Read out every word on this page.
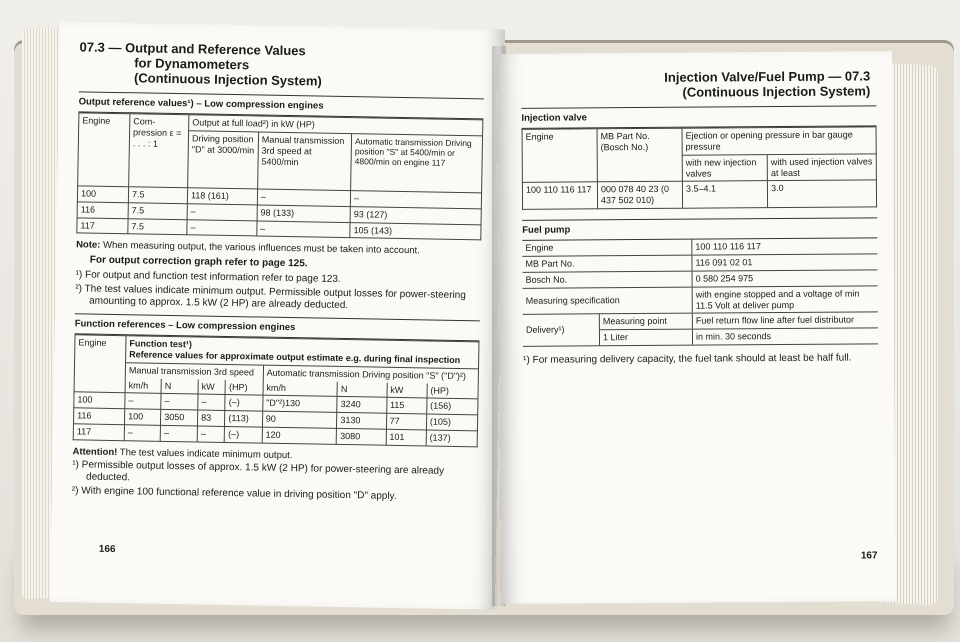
07.3 — Output and Reference Values
for Dynamometers
(Continuous Injection System)
Output reference values¹) – Low compression engines
Engine	Com-pression ε = . . . : 1	Output at full load²) in kW (HP)		
		Driving position "D" at 3000/min	Manual transmission 3rd speed at 5400/min	Automatic transmission Driving position "S" at 5400/min or 4800/min on engine 117
100	7.5	118 (161)	–	–
116	7.5	–	98 (133)	93 (127)
117	7.5	–	–	105 (143)
Note: When measuring output, the various influences must be taken into account.
For output correction graph refer to page 125.
¹) For output and function test information refer to page 123.
²) The test values indicate minimum output. Permissible output losses for power-steering amounting to approx. 1.5 kW (2 HP) are already deducted.
Function references – Low compression engines
Engine	Function test¹)
Reference values for approximate output estimate e.g. during final inspection							
	Manual transmission 3rd speed				Automatic transmission Driving position "S" ("D")²)			
	km/h	N	kW	(HP)	km/h	N	kW	(HP)
100	–	–	–	(–)	"D"²)130	3240	115	(156)
116	100	3050	83	(113)	90	3130	77	(105)
117	–	–	–	(–)	120	3080	101	(137)
Attention! The test values indicate minimum output.
¹) Permissible output losses of approx. 1.5 kW (2 HP) for power-steering are already deducted.
²) With engine 100 functional reference value in driving position "D" apply.
166
Injection Valve/Fuel Pump — 07.3
(Continuous Injection System)
Injection valve
Engine	MB Part No. (Bosch No.)	Ejection or opening pressure in bar gauge pressure	
		with new injection valves	with used injection valves at least
100 110 116 117	000 078 40 23 (0 437 502 010)	3.5–4.1	3.0
Fuel pump
Engine		100 110 116 117
MB Part No.		116 091 02 01
Bosch No.		0 580 254 975
Measuring specification		with engine stopped and a voltage of min 11.5 Volt at deliver pump
Delivery¹)	Measuring point	Fuel return flow line after fuel distributor
	1 Liter	in min. 30 seconds
¹) For measuring delivery capacity, the fuel tank should at least be half full.
167
